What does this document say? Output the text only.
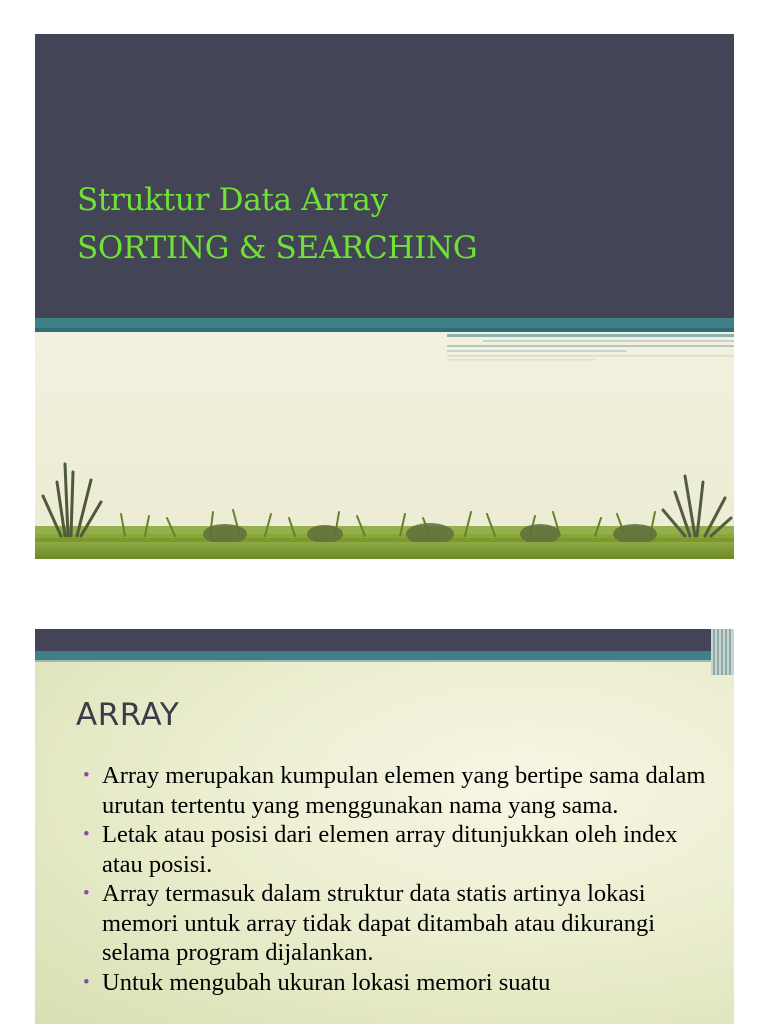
Struktur Data Array
SORTING & SEARCHING
ARRAY
• Array merupakan kumpulan elemen yang bertipe sama dalam urutan tertentu yang menggunakan nama yang sama.
• Letak atau posisi dari elemen array ditunjukkan oleh index atau posisi.
• Array termasuk dalam struktur data statis artinya lokasi memori untuk array tidak dapat ditambah atau dikurangi selama program dijalankan.
• Untuk mengubah ukuran lokasi memori suatu
